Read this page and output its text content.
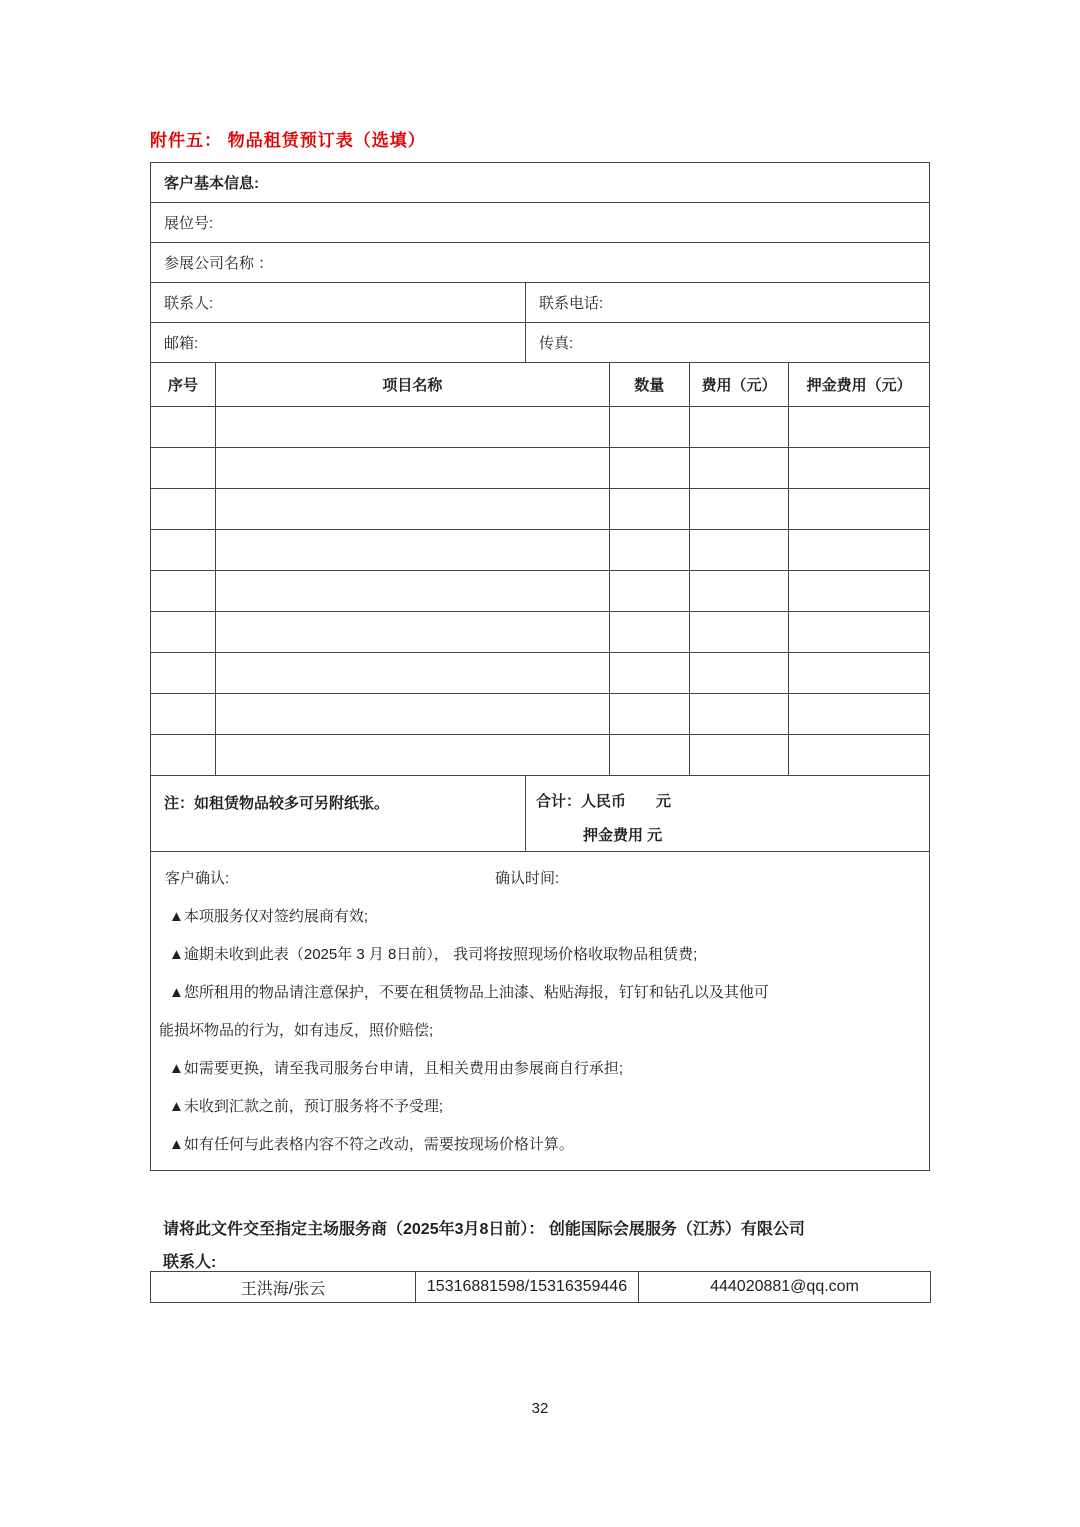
附件五： 物品租赁预订表（选填）
客户基本信息:
展位号:
参展公司名称 ：
联系人:	联系电话:
邮箱:	传真:
序号	项目名称	数量	费用（元）	押金费用（元）
注：如租赁物品较多可另附纸张。	合计：人民币　　元
押金费用 元
客户确认:	确认时间:
▲本项服务仅对签约展商有效;
▲逾期未收到此表（2025年 3 月 8日前）， 我司将按照现场价格收取物品租赁费;
▲您所租用的物品请注意保护，不要在租赁物品上油漆、粘贴海报，钉钉和钻孔以及其他可
能损坏物品的行为，如有违反，照价赔偿;
▲如需要更换，请至我司服务台申请，且相关费用由参展商自行承担;
▲未收到汇款之前，预订服务将不予受理;
▲如有任何与此表格内容不符之改动，需要按现场价格计算。
请将此文件交至指定主场服务商（2025年3月8日前）： 创能国际会展服务（江苏）有限公司
联系人:
王洪海/张云	15316881598/15316359446	444020881@qq.com
32
